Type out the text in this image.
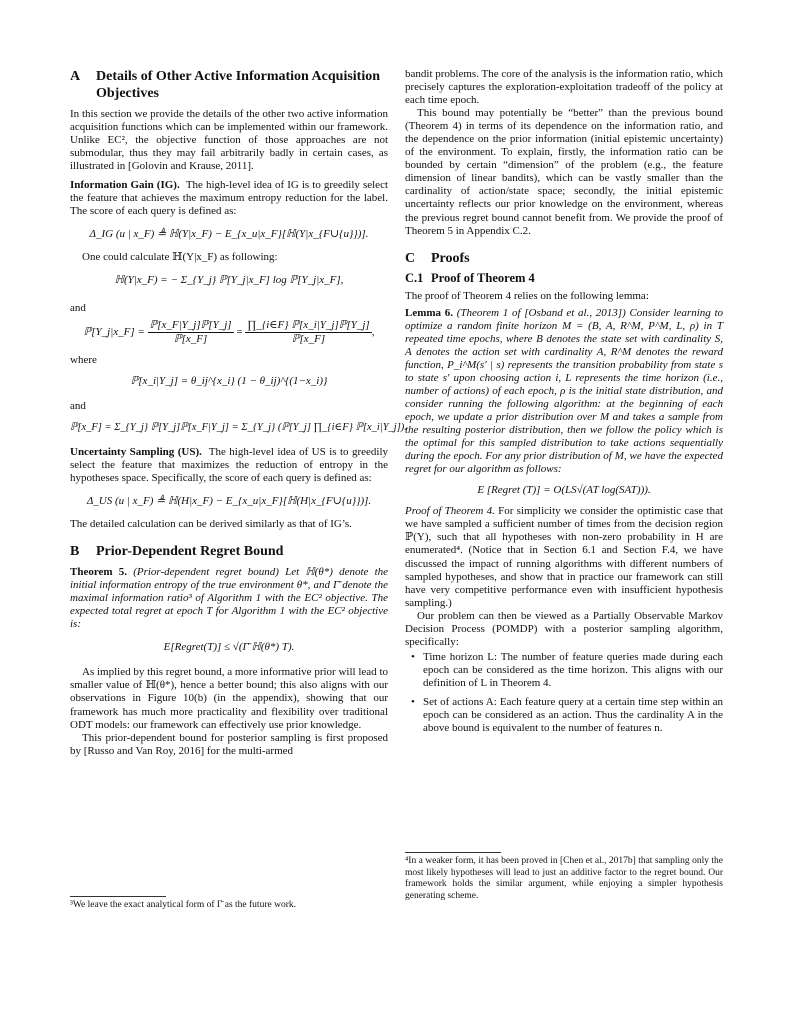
A	Details of Other Active Information Acquisition Objectives

In this section we provide the details of the other two active information acquisition functions which can be implemented within our framework. Unlike EC², the objective function of those approaches are not submodular, thus they may fail arbitrarily badly in certain cases, as illustrated in [Golovin and Krause, 2011].

Information Gain (IG). The high-level idea of IG is to greedily select the feature that achieves the maximum entropy reduction for the label. The score of each query is defined as:

Δ_IG (u | x_F) ≜ ℍ(Y|x_F) − E_{x_u|x_F}[ℍ(Y|x_{F∪{u}})].

One could calculate ℍ(Y|x_F) as following:

ℍ(Y|x_F) = − Σ_{Y_j} ℙ[Y_j|x_F] log ℙ[Y_j|x_F],

and

ℙ[Y_j|x_F] = $\frac{\text{ℙ[x\_F|Y\_j]ℙ[Y\_j]}}{\text{ℙ[x\_F]}} = \frac{\text{∏\_\{i∈F\} ℙ[x\_i|Y\_j]ℙ[Y\_j]}}{\text{ℙ[x\_F]}}$ ,

where

ℙ[x_i|Y_j] = θ_ij^{x_i} (1 − θ_ij)^{(1−x_i)}

and

ℙ[x_F] = Σ_{Y_j} ℙ[Y_j]ℙ[x_F|Y_j] = Σ_{Y_j} (ℙ[Y_j] ∏_{i∈F} ℙ[x_i|Y_j]).

Uncertainty Sampling (US). The high-level idea of US is to greedily select the feature that maximizes the reduction of entropy in the hypotheses space. Specifically, the score of each query is defined as:

Δ_US (u | x_F) ≜ ℍ(H|x_F) − E_{x_u|x_F}[ℍ(H|x_{F∪{u}})].

The detailed calculation can be derived similarly as that of IG’s.

B	Prior-Dependent Regret Bound

Theorem 5. (Prior-dependent regret bound) Let ℍ(θ*) denote the initial information entropy of the true environment θ*, and Γ̄ denote the maximal information ratio³ of Algorithm 1 with the EC² objective. The expected total regret at epoch T for Algorithm 1 with the EC² objective is:

E[Regret(T)] ≤ √(Γ̄ ℍ(θ*) T).

As implied by this regret bound, a more informative prior will lead to smaller value of ℍ(θ*), hence a better bound; this also aligns with our observations in Figure 10(b) (in the appendix), showing that our framework has much more practicality and flexibility over traditional ODT models: our framework can effectively use prior knowledge.

This prior-dependent bound for posterior sampling is first proposed by [Russo and Van Roy, 2016] for the multi-armed

³We leave the exact analytical form of Γ̄ as the future work.

bandit problems. The core of the analysis is the information ratio, which precisely captures the exploration-exploitation tradeoff of the policy at each time epoch.

This bound may potentially be “better” than the previous bound (Theorem 4) in terms of its dependence on the information ratio, and the dependence on the prior information (initial epistemic uncertainty) of the environment. To explain, firstly, the information ratio can be bounded by certain “dimension” of the problem (e.g., the feature dimension of linear bandits), which can be vastly smaller than the cardinality of action/state space; secondly, the initial epistemic uncertainty reflects our prior knowledge on the environment, whereas the previous regret bound cannot benefit from. We provide the proof of Theorem 5 in Appendix C.2.

C	Proofs
C.1 Proof of Theorem 4

The proof of Theorem 4 relies on the following lemma:

Lemma 6. (Theorem 1 of [Osband et al., 2013]) Consider learning to optimize a random finite horizon M = (B, A, R^M, P^M, L, ρ) in T repeated time epochs, where B denotes the state set with cardinality S, A denotes the action set with cardinality A, R^M denotes the reward function, P_i^M(s′ | s) represents the transition probability from state s to state s′ upon choosing action i, L represents the time horizon (i.e., number of actions) of each epoch, ρ is the initial state distribution, and consider running the following algorithm: at the beginning of each epoch, we update a prior distribution over M and takes a sample from the resulting posterior distribution, then we follow the policy which is the optimal for this sampled distribution to take actions sequentially during the epoch. For any prior distribution of M, we have the expected regret for our algorithm as follows:

E [Regret (T)] = O(LS√(AT log(SAT))).

Proof of Theorem 4. For simplicity we consider the optimistic case that we have sampled a sufficient number of times from the decision region ℙ(Y), such that all hypotheses with non-zero probability in H are enumerated⁴. (Notice that in Section 6.1 and Section F.4, we have discussed the impact of running algorithms with different numbers of sampled hypotheses, and show that in practice our framework can still have very competitive performance even with insufficient hypothesis sampling.)

Our problem can then be viewed as a Partially Observable Markov Decision Process (POMDP) with a posterior sampling algorithm, specifically:

• Time horizon L: The number of feature queries made during each epoch can be considered as the time horizon. This aligns with our definition of L in Theorem 4.
• Set of actions A: Each feature query at a certain time step within an epoch can be considered as an action. Thus the cardinality A in the above bound is equivalent to the number of features n.
⁴In a weaker form, it has been proved in [Chen et al., 2017b] that sampling only the most likely hypotheses will lead to just an additive factor to the regret bound. Our framework holds the similar argument, while enjoying a simpler hypothesis generating scheme.
